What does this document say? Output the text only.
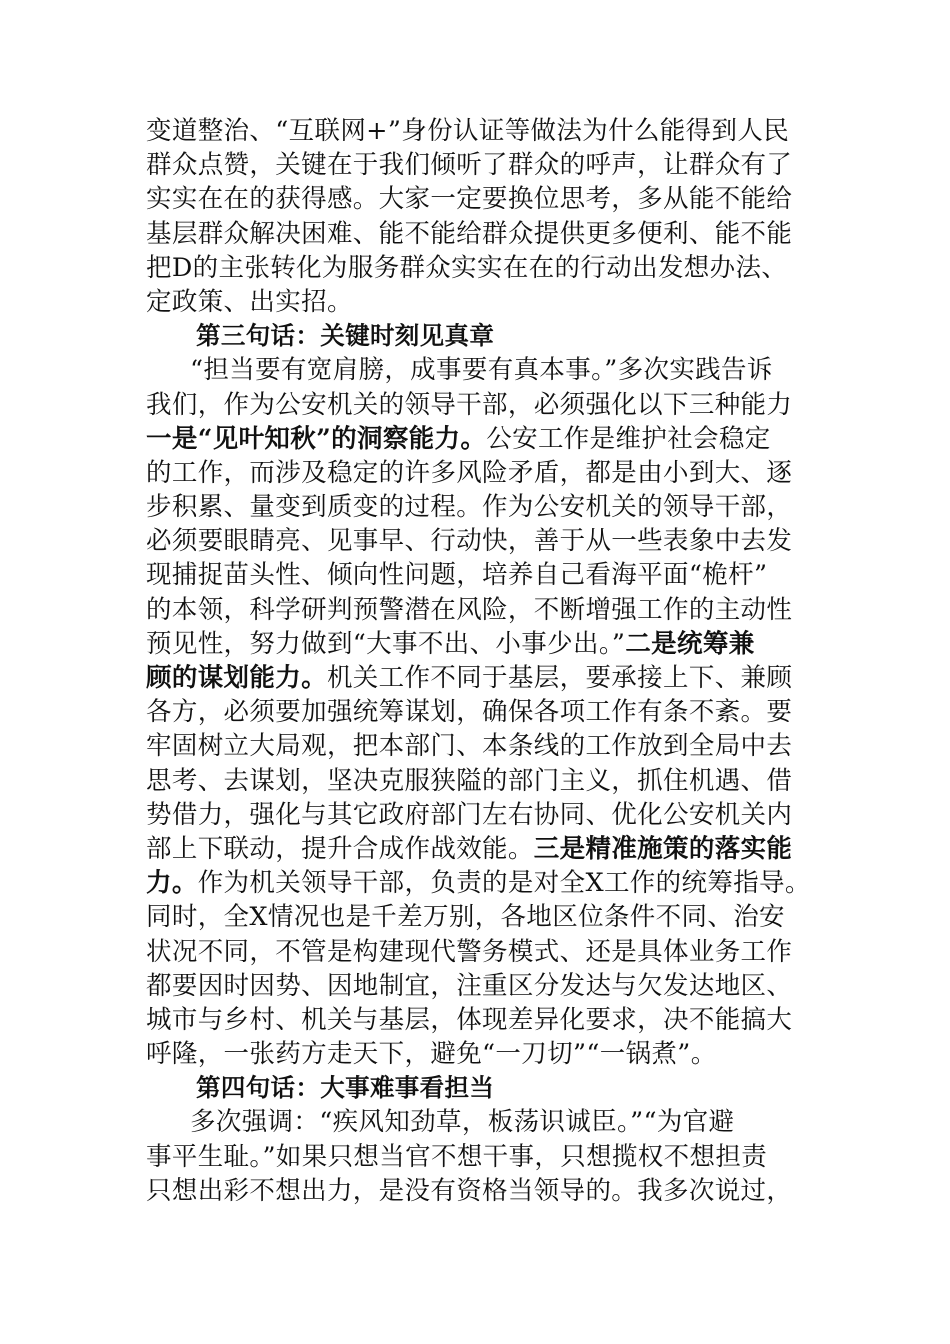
变道整治、“互联网+”身份认证等做法为什么能得到人民
群众点赞，关键在于我们倾听了群众的呼声，让群众有了
实实在在的获得感。大家一定要换位思考，多从能不能给
基层群众解决困难、能不能给群众提供更多便利、能不能
把D的主张转化为服务群众实实在在的行动出发想办法、
定政策、出实招。
第三句话：关键时刻见真章
“担当要有宽肩膀，成事要有真本事。”多次实践告诉
我们，作为公安机关的领导干部，必须强化以下三种能力
一是“见叶知秋”的洞察能力。公安工作是维护社会稳定
的工作，而涉及稳定的许多风险矛盾，都是由小到大、逐
步积累、量变到质变的过程。作为公安机关的领导干部，
必须要眼睛亮、见事早、行动快，善于从一些表象中去发
现捕捉苗头性、倾向性问题，培养自己看海平面“桅杆”
的本领，科学研判预警潜在风险，不断增强工作的主动性
预见性，努力做到“大事不出、小事少出。”二是统筹兼
顾的谋划能力。机关工作不同于基层，要承接上下、兼顾
各方，必须要加强统筹谋划，确保各项工作有条不紊。要
牢固树立大局观，把本部门、本条线的工作放到全局中去
思考、去谋划，坚决克服狭隘的部门主义，抓住机遇、借
势借力，强化与其它政府部门左右协同、优化公安机关内
部上下联动，提升合成作战效能。三是精准施策的落实能
力。作为机关领导干部，负责的是对全X工作的统筹指导。
同时，全X情况也是千差万别，各地区位条件不同、治安
状况不同，不管是构建现代警务模式、还是具体业务工作
都要因时因势、因地制宜，注重区分发达与欠发达地区、
城市与乡村、机关与基层，体现差异化要求，决不能搞大
呼隆，一张药方走天下，避免“一刀切”“一锅煮”。
第四句话：大事难事看担当
多次强调：“疾风知劲草，板荡识诚臣。”“为官避
事平生耻。”如果只想当官不想干事，只想揽权不想担责
只想出彩不想出力，是没有资格当领导的。我多次说过，
